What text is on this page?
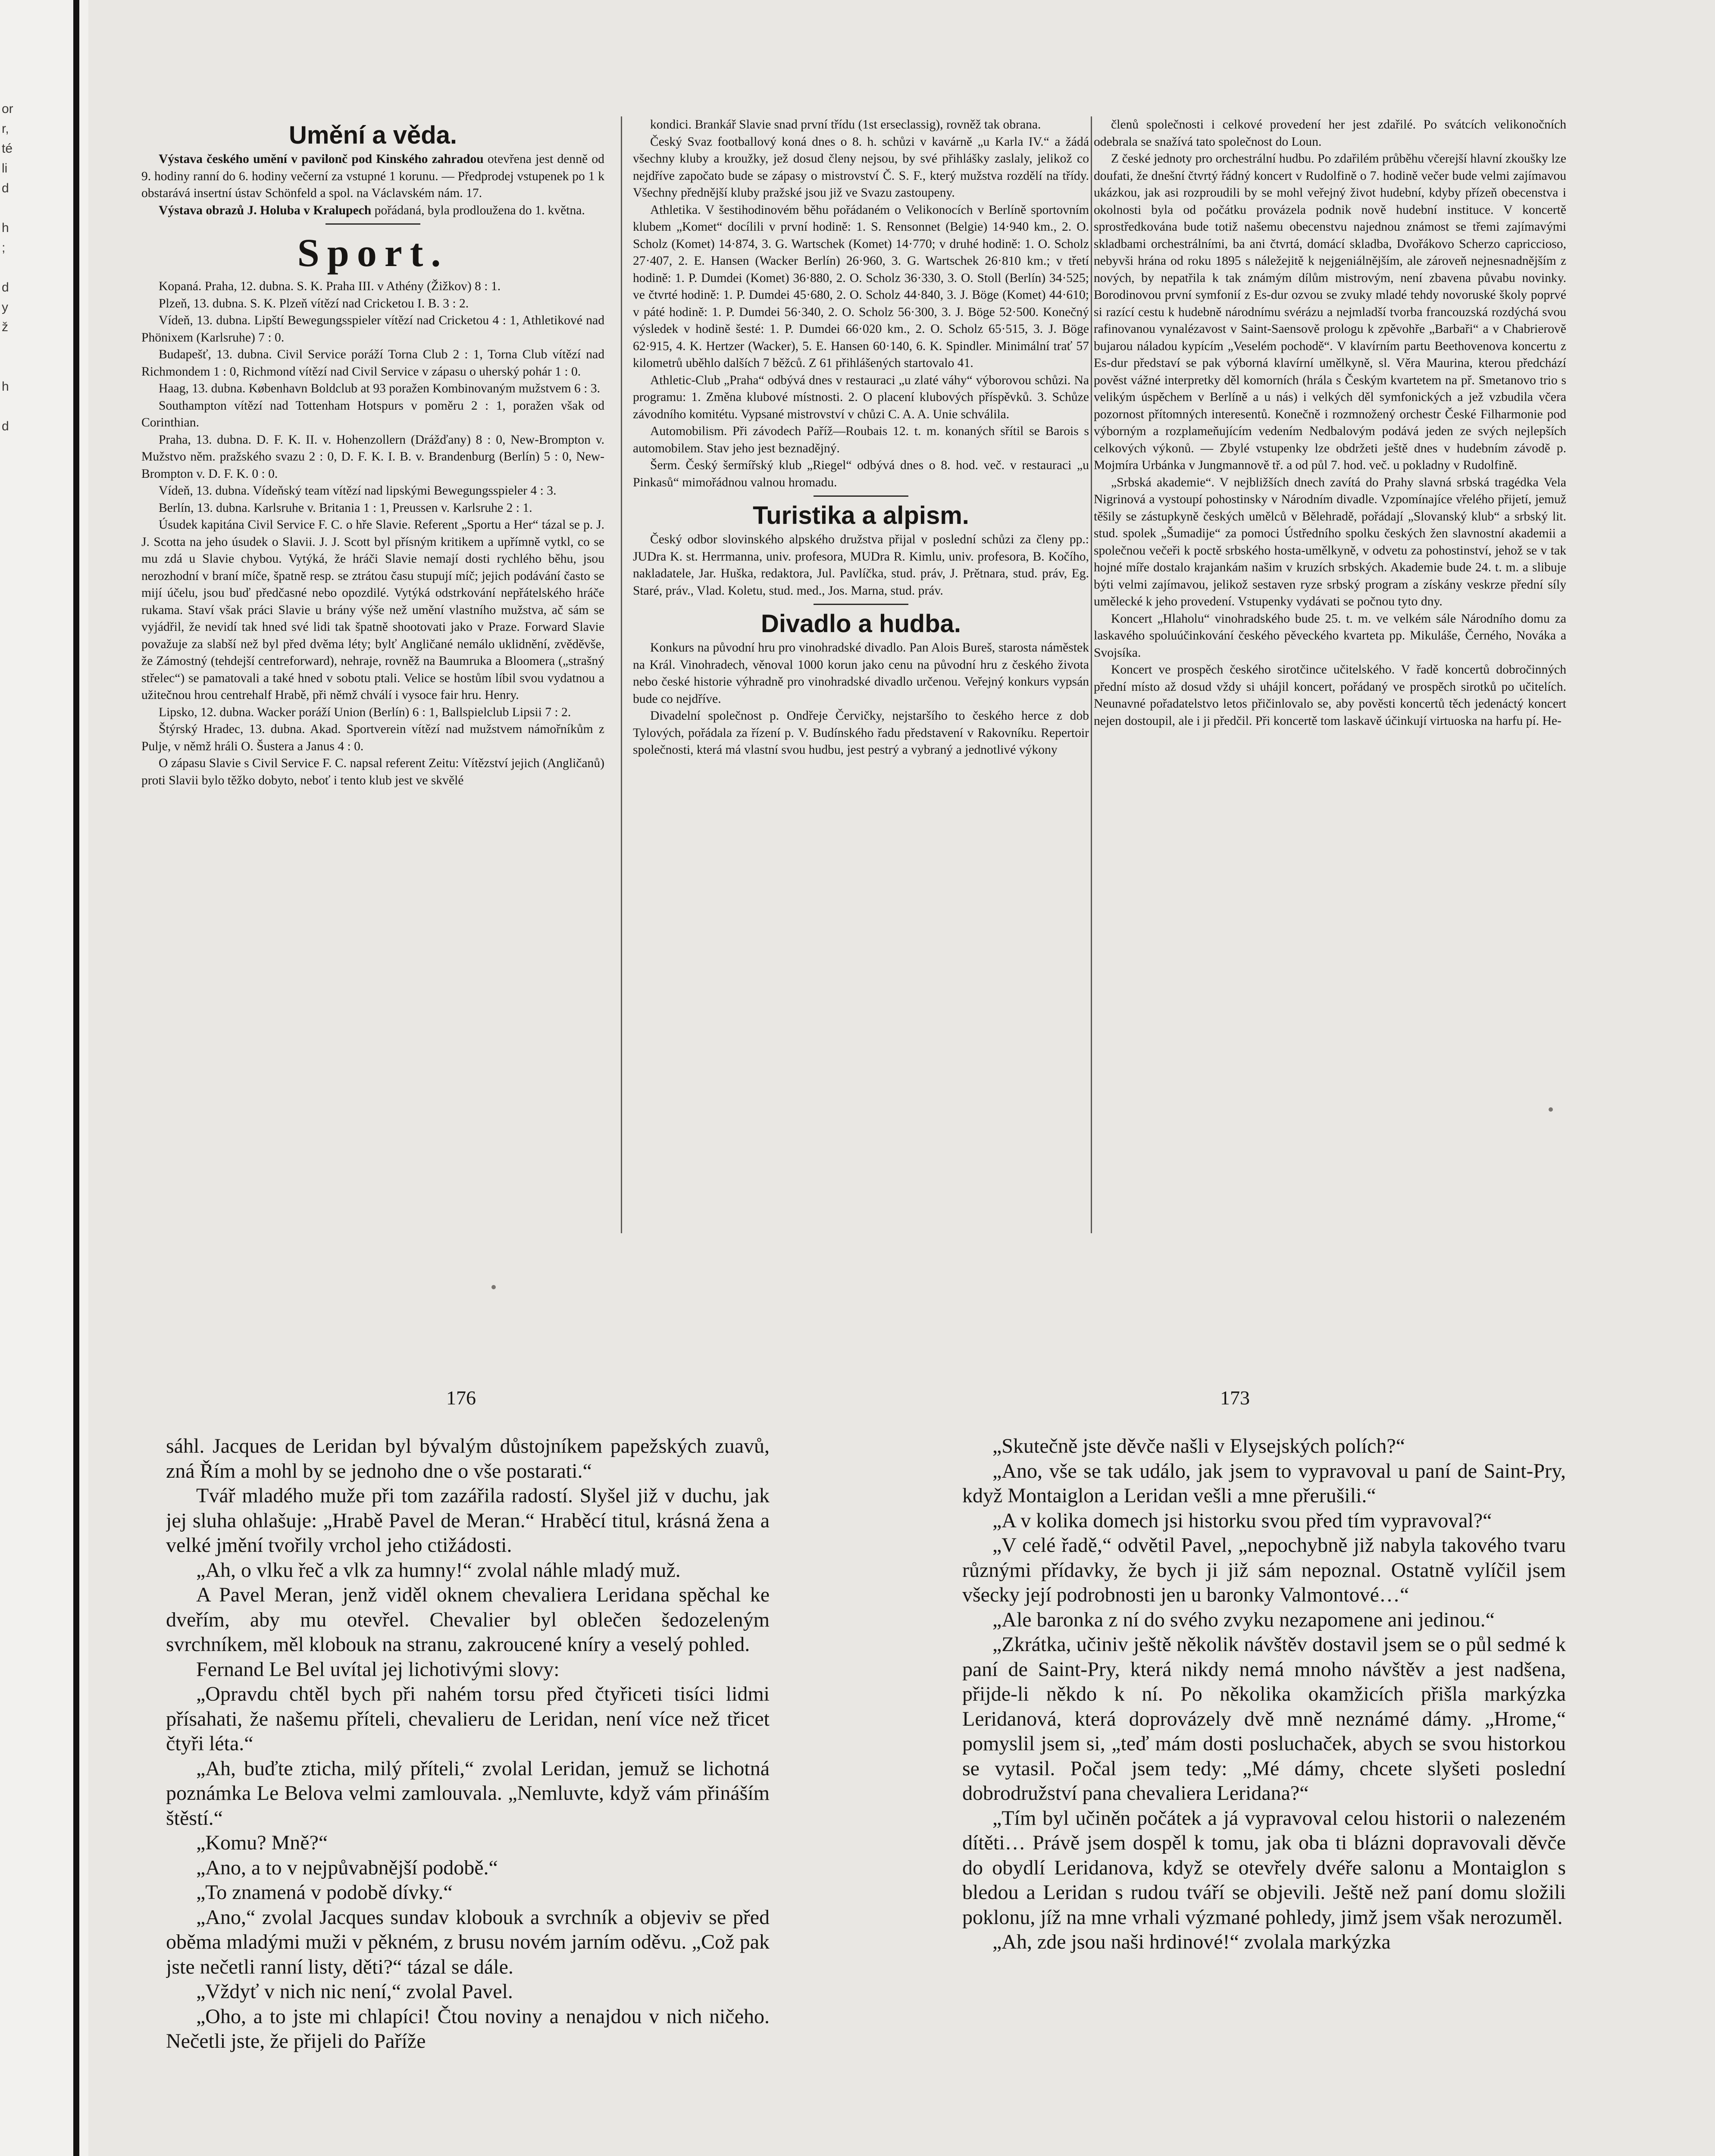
or
r,
té
li
d

h
;

d
y
ž

h

d
Umění a věda.

Výstava českého umění v pavilonč pod Kinského zahradou otevřena jest denně od 9. hodiny ranní do 6. hodiny večerní za vstupné 1 korunu. — Předprodej vstupenek po 1 k obstarává insertní ústav Schönfeld a spol. na Václavském nám. 17.

Výstava obrazů J. Holuba v Kralupech pořádaná, byla prodloužena do 1. května.

Sport.

Kopaná. Praha, 12. dubna. S. K. Praha III. v Athény (Žižkov) 8 : 1.

Plzeň, 13. dubna. S. K. Plzeň vítězí nad Cricketou I. B. 3 : 2.

Vídeň, 13. dubna. Lipští Bewegungsspieler vítězí nad Cricketou 4 : 1, Athletikové nad Phönixem (Karlsruhe) 7 : 0.

Budapešť, 13. dubna. Civil Service poráží Torna Club 2 : 1, Torna Club vítězí nad Richmondem 1 : 0, Richmond vítězí nad Civil Service v zápasu o uherský pohár 1 : 0.

Haag, 13. dubna. København Boldclub at 93 poražen Kombinovaným mužstvem 6 : 3.

Southampton vítězí nad Tottenham Hotspurs v poměru 2 : 1, poražen však od Corinthian.

Praha, 13. dubna. D. F. K. II. v. Hohenzollern (Drážďany) 8 : 0, New-Brompton v. Mužstvo něm. pražského svazu 2 : 0, D. F. K. I. B. v. Brandenburg (Berlín) 5 : 0, New-Brompton v. D. F. K. 0 : 0.

Vídeň, 13. dubna. Vídeňský team vítězí nad lipskými Bewegungsspieler 4 : 3.

Berlín, 13. dubna. Karlsruhe v. Britania 1 : 1, Preussen v. Karlsruhe 2 : 1.

Úsudek kapitána Civil Service F. C. o hře Slavie. Referent „Sportu a Her“ tázal se p. J. J. Scotta na jeho úsudek o Slavii. J. J. Scott byl přísným kritikem a upřímně vytkl, co se mu zdá u Slavie chybou. Vytýká, že hráči Slavie nemají dosti rychlého běhu, jsou nerozhodní v braní míče, špatně resp. se ztrátou času stupují míč; jejich podávání často se mijí účelu, jsou buď předčasné nebo opozdilé. Vytýká odstrkování nepřátelského hráče rukama. Staví však práci Slavie u brány výše než umění vlastního mužstva, ač sám se vyjádřil, že nevidí tak hned své lidi tak špatně shootovati jako v Praze. Forward Slavie považuje za slabší než byl před dvěma léty; bylť Angličané nemálo uklidnění, zvěděvše, že Zámostný (tehdejší centreforward), nehraje, rovněž na Baumruka a Bloomera („strašný střelec“) se pamatovali a také hned v sobotu ptali. Velice se hostům líbil svou vydatnou a užitečnou hrou centrehalf Hrabě, při němž chválí i vysoce fair hru. Henry.

Lipsko, 12. dubna. Wacker poráží Union (Berlín) 6 : 1, Ballspielclub Lipsii 7 : 2.

Štýrský Hradec, 13. dubna. Akad. Sportverein vítězí nad mužstvem námořníkům z Pulje, v němž hráli O. Šustera a Janus 4 : 0.

O zápasu Slavie s Civil Service F. C. napsal referent Zeitu: Vítězství jejich (Angličanů) proti Slavii bylo těžko dobyto, neboť i tento klub jest ve skvělé

kondici. Brankář Slavie snad první třídu (1st erseclassig), rovněž tak obrana.

Český Svaz footballový koná dnes o 8. h. schůzi v kavárně „u Karla IV.“ a žádá všechny kluby a kroužky, jež dosud členy nejsou, by své přihlášky zaslaly, jelikož co nejdříve započato bude se zápasy o mistrovství Č. S. F., který mužstva rozdělí na třídy. Všechny přednější kluby pražské jsou již ve Svazu zastoupeny.

Athletika. V šestihodinovém běhu pořádaném o Velikonocích v Berlíně sportovním klubem „Komet“ docílili v první hodině: 1. S. Rensonnet (Belgie) 14·940 km., 2. O. Scholz (Komet) 14·874, 3. G. Wartschek (Komet) 14·770; v druhé hodině: 1. O. Scholz 27·407, 2. E. Hansen (Wacker Berlín) 26·960, 3. G. Wartschek 26·810 km.; v třetí hodině: 1. P. Dumdei (Komet) 36·880, 2. O. Scholz 36·330, 3. O. Stoll (Berlín) 34·525; ve čtvrté hodině: 1. P. Dumdei 45·680, 2. O. Scholz 44·840, 3. J. Böge (Komet) 44·610; v páté hodině: 1. P. Dumdei 56·340, 2. O. Scholz 56·300, 3. J. Böge 52·500. Konečný výsledek v hodině šesté: 1. P. Dumdei 66·020 km., 2. O. Scholz 65·515, 3. J. Böge 62·915, 4. K. Hertzer (Wacker), 5. E. Hansen 60·140, 6. K. Spindler. Minimální trať 57 kilometrů uběhlo dalších 7 běžců. Z 61 přihlášených startovalo 41.

Athletic-Club „Praha“ odbývá dnes v restauraci „u zlaté váhy“ výborovou schůzi. Na programu: 1. Změna klubové místnosti. 2. O placení klubových příspěvků. 3. Schůze závodního komitétu. Vypsané mistrovství v chůzi C. A. A. Unie schválila.

Automobilism. Při závodech Paříž—Roubais 12. t. m. konaných sřítil se Barois s automobilem. Stav jeho jest beznadějný.

Šerm. Český šermířský klub „Riegel“ odbývá dnes o 8. hod. več. v restauraci „u Pinkasů“ mimořádnou valnou hromadu.

Turistika a alpism.

Český odbor slovinského alpského družstva přijal v poslední schůzi za členy pp.: JUDra K. st. Herrmanna, univ. profesora, MUDra R. Kimlu, univ. profesora, B. Kočího, nakladatele, Jar. Huška, redaktora, Jul. Pavlíčka, stud. práv, J. Prětnara, stud. práv, Eg. Staré, práv., Vlad. Koletu, stud. med., Jos. Marna, stud. práv.

Divadlo a hudba.

Konkurs na původní hru pro vinohradské divadlo. Pan Alois Bureš, starosta náměstek na Král. Vinohradech, věnoval 1000 korun jako cenu na původní hru z českého života nebo české historie výhradně pro vinohradské divadlo určenou. Veřejný konkurs vypsán bude co nejdříve.

Divadelní společnost p. Ondřeje Červičky, nejstaršího to českého herce z dob Tylových, pořádala za řízení p. V. Budínského řadu představení v Rakovníku. Repertoir společnosti, která má vlastní svou hudbu, jest pestrý a vybraný a jednotlivé výkony

členů společnosti i celkové provedení her jest zdařilé. Po svátcích velikonočních odebrala se snažívá tato společnost do Loun.

Z české jednoty pro orchestrální hudbu. Po zdařilém průběhu včerejší hlavní zkoušky lze doufati, že dnešní čtvrtý řádný koncert v Rudolfině o 7. hodině večer bude velmi zajímavou ukázkou, jak asi rozproudili by se mohl veřejný život hudební, kdyby přízeň obecenstva i okolnosti byla od počátku provázela podnik nově hudební instituce. V koncertě sprostředkována bude totiž našemu obecenstvu najednou známost se třemi zajímavými skladbami orchestrálními, ba ani čtvrtá, domácí skladba, Dvořákovo Scherzo capriccioso, nebyvši hrána od roku 1895 s náležejitě k nejgeniálnějším, ale zároveň nejnesnadnějším z nových, by nepatřila k tak známým dílům mistrovým, není zbavena půvabu novinky. Borodinovou první symfonií z Es-dur ozvou se zvuky mladé tehdy novoruské školy poprvé si razící cestu k hudebně národnímu svérázu a nejmladší tvorba francouzská rozdýchá svou rafinovanou vynalézavost v Saint-Saensově prologu k zpěvohře „Barbaři“ a v Chabrierově bujarou náladou kypícím „Veselém pochodě“. V klavírním partu Beethovenova koncertu z Es-dur představí se pak výborná klavírní umělkyně, sl. Věra Maurina, kterou předchází pověst vážné interpretky děl komorních (hrála s Českým kvartetem na př. Smetanovo trio s velikým úspěchem v Berlíně a u nás) i velkých děl symfonických a jež vzbudila včera pozornost přítomných interesentů. Konečně i rozmnožený orchestr České Filharmonie pod výborným a rozplameňujícím vedením Nedbalovým podává jeden ze svých nejlepších celkových výkonů. — Zbylé vstupenky lze obdržeti ještě dnes v hudebním závodě p. Mojmíra Urbánka v Jungmannově tř. a od půl 7. hod. več. u pokladny v Rudolfině.

„Srbská akademie“. V nejbližších dnech zavítá do Prahy slavná srbská tragédka Vela Nigrinová a vystoupí pohostinsky v Národním divadle. Vzpomínajíce vřelého přijetí, jemuž těšily se zástupkyně českých umělců v Bělehradě, pořádají „Slovanský klub“ a srbský lit. stud. spolek „Šumadije“ za pomoci Ústředního spolku českých žen slavnostní akademii a společnou večeři k poctě srbského hosta-umělkyně, v odvetu za pohostinství, jehož se v tak hojné míře dostalo krajankám našim v kruzích srbských. Akademie bude 24. t. m. a slibuje býti velmi zajímavou, jelikož sestaven ryze srbský program a získány veskrze přední síly umělecké k jeho provedení. Vstupenky vydávati se počnou tyto dny.

Koncert „Hlaholu“ vinohradského bude 25. t. m. ve velkém sále Národního domu za laskavého spoluúčinkování českého pěveckého kvarteta pp. Mikuláše, Černého, Nováka a Svojsíka.

Koncert ve prospěch českého sirotčince učitelského. V řadě koncertů dobročinných přední místo až dosud vždy si uhájil koncert, pořádaný ve prospěch sirotků po učitelích. Neunavné pořadatelstvo letos přičinlovalo se, aby pověsti koncertů těch jedenáctý koncert nejen dostoupil, ale i ji předčil. Při koncertě tom laskavě účinkují virtuoska na harfu pí. He-

176	173

sáhl. Jacques de Leridan byl bývalým důstojníkem papežských zuavů, zná Řím a mohl by se jednoho dne o vše postarati.“

Tvář mladého muže při tom zazářila radostí. Slyšel již v duchu, jak jej sluha ohlašuje: „Hrabě Pavel de Meran.“ Hraběcí titul, krásná žena a velké jmění tvořily vrchol jeho ctižádosti.

„Ah, o vlku řeč a vlk za humny!“ zvolal náhle mladý muž.

A Pavel Meran, jenž viděl oknem chevaliera Leridana spěchal ke dveřím, aby mu otevřel. Chevalier byl oblečen šedozeleným svrchníkem, měl klobouk na stranu, zakroucené kníry a veselý pohled.

Fernand Le Bel uvítal jej lichotivými slovy:

„Opravdu chtěl bych při nahém torsu před čtyřiceti tisíci lidmi přísahati, že našemu příteli, chevalieru de Leridan, není více než třicet čtyři léta.“

„Ah, buďte zticha, milý příteli,“ zvolal Leridan, jemuž se lichotná poznámka Le Belova velmi zamlouvala. „Nemluvte, když vám přináším štěstí.“

„Komu? Mně?“

„Ano, a to v nejpůvabnější podobě.“

„To znamená v podobě dívky.“

„Ano,“ zvolal Jacques sundav klobouk a svrchník a objeviv se před oběma mladými muži v pěkném, z brusu novém jarním oděvu. „Což pak jste nečetli ranní listy, děti?“ tázal se dále.

„Vždyť v nich nic není,“ zvolal Pavel.

„Oho, a to jste mi chlapíci! Čtou noviny a nenajdou v nich ničeho. Nečetli jste, že přijeli do Paříže

„Skutečně jste děvče našli v Elysejských polích?“

„Ano, vše se tak událo, jak jsem to vypravoval u paní de Saint-Pry, když Montaiglon a Leridan vešli a mne přerušili.“

„A v kolika domech jsi historku svou před tím vypravoval?“

„V celé řadě,“ odvětil Pavel, „nepochybně již nabyla takového tvaru různými přídavky, že bych ji již sám nepoznal. Ostatně vylíčil jsem všecky její podrobnosti jen u baronky Valmontové…“

„Ale baronka z ní do svého zvyku nezapomene ani jedinou.“

„Zkrátka, učiniv ještě několik návštěv dostavil jsem se o půl sedmé k paní de Saint-Pry, která nikdy nemá mnoho návštěv a jest nadšena, přijde-li někdo k ní. Po několika okamžicích přišla markýzka Leridanová, která doprovázely dvě mně neznámé dámy. „Hrome,“ pomyslil jsem si, „teď mám dosti posluchaček, abych se svou historkou se vytasil. Počal jsem tedy: „Mé dámy, chcete slyšeti poslední dobrodružství pana chevaliera Leridana?“

„Tím byl učiněn počátek a já vypravoval celou historii o nalezeném dítěti… Právě jsem dospěl k tomu, jak oba ti blázni dopravovali děvče do obydlí Leridanova, když se otevřely dvéře salonu a Montaiglon s bledou a Leridan s rudou tváří se objevili. Ještě než paní domu složili poklonu, jíž na mne vrhali výzmané pohledy, jimž jsem však nerozuměl.

„Ah, zde jsou naši hrdinové!“ zvolala markýzka
